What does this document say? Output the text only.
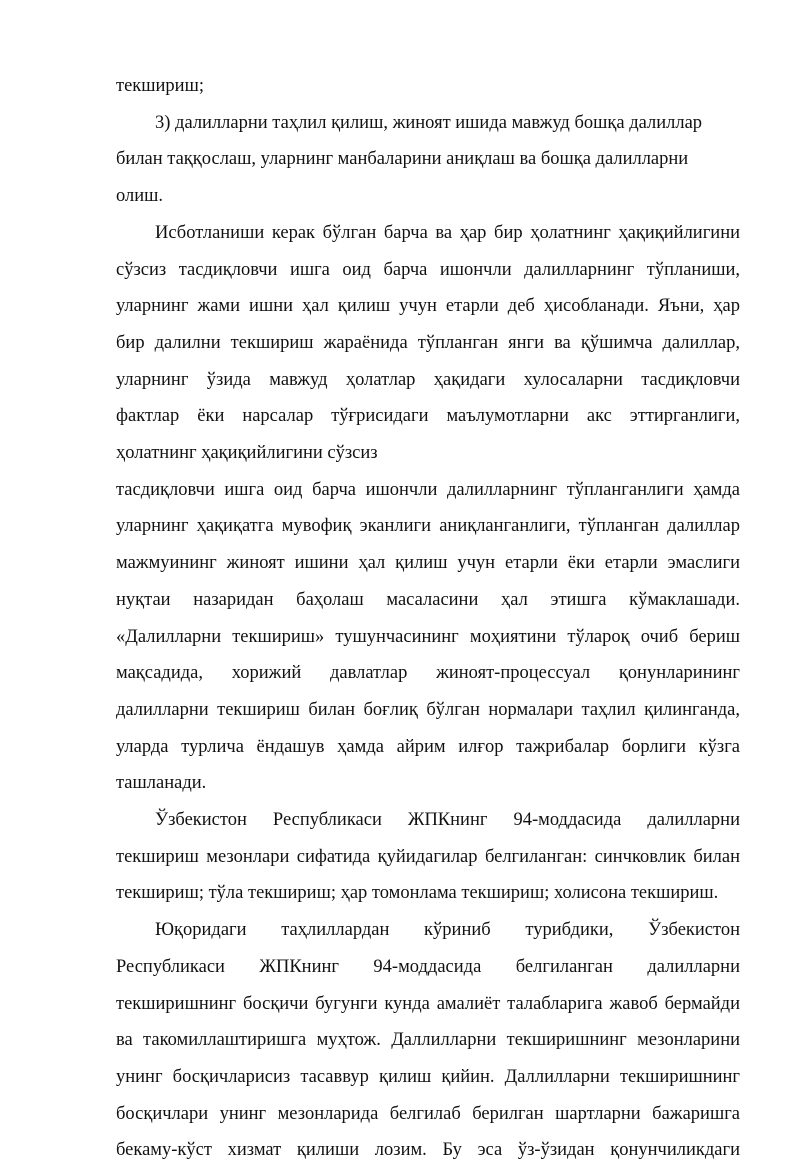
текшириш;
3) далилларни таҳлил қилиш, жиноят ишида мавжуд бошқа далиллар
билан таққослаш, уларнинг манбаларини аниқлаш ва бошқа далилларни
олиш.
Исботланиши керак бўлган барча ва ҳар бир ҳолатнинг ҳақиқийлигини
сўзсиз тасдиқловчи ишга оид барча ишончли далилларнинг тўпланиши,
уларнинг жами ишни ҳал қилиш учун етарли деб ҳисобланади. Яъни, ҳар
бир далилни текшириш жараёнида тўпланган янги ва қўшимча далиллар,
уларнинг ўзида мавжуд ҳолатлар ҳақидаги хулосаларни тасдиқловчи
фактлар ёки нарсалар тўғрисидаги маълумотларни акс эттирганлиги,
ҳолатнинг ҳақиқийлигини сўзсиз
тасдиқловчи ишга оид барча ишончли далилларнинг тўпланганлиги ҳамда
уларнинг ҳақиқатга мувофиқ эканлиги аниқланганлиги, тўпланган далиллар
мажмуининг жиноят ишини ҳал қилиш учун етарли ёки етарли эмаслиги
нуқтаи назаридан баҳолаш масаласини ҳал этишга кўмаклашади.
«Далилларни текшириш» тушунчасининг моҳиятини тўлароқ очиб бериш
мақсадида, хорижий давлатлар жиноят-процессуал қонунларининг
далилларни текшириш билан боғлиқ бўлган нормалари таҳлил қилинганда,
уларда турлича ёндашув ҳамда айрим илғор тажрибалар борлиги кўзга
ташланади.
Ўзбекистон Республикаси ЖПКнинг 94-моддасида далилларни
текшириш мезонлари сифатида қуйидагилар белгиланган: синчковлик билан
текшириш; тўла текшириш; ҳар томонлама текшириш; холисона текшириш.
Юқоридаги таҳлиллардан кўриниб турибдики, Ўзбекистон
Республикаси ЖПКнинг 94-моддасида белгиланган далилларни
текширишнинг босқичи бугунги кунда амалиёт талабларига жавоб бермайди
ва такомиллаштиришга муҳтож. Даллилларни текширишнинг мезонларини
унинг босқичларисиз тасаввур қилиш қийин. Даллилларни текширишнинг
босқичлари унинг мезонларида белгилаб берилган шартларни бажаришга
бекаму-кўст хизмат қилиши лозим. Бу эса ўз-ўзидан қонунчиликдаги
